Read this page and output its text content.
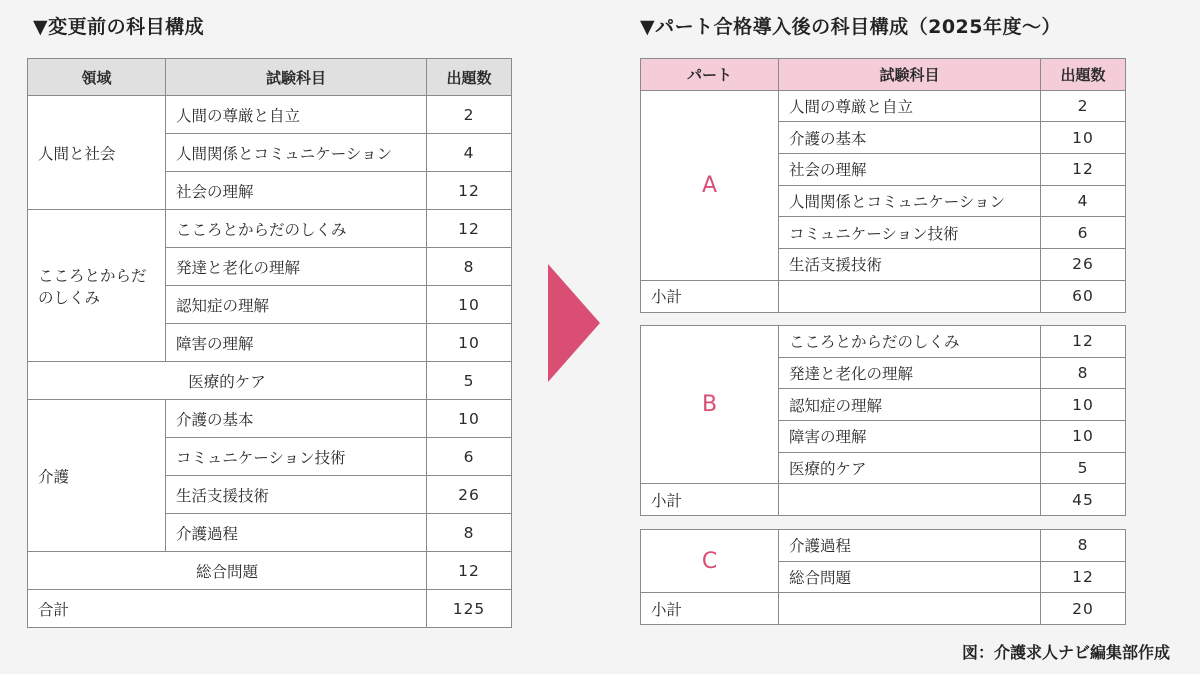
▼変更前の科目構成	▼パート合格導入後の科目構成（2025年度～）
領域	試験科目	出題数
人間と社会	人間の尊厳と自立	2
	人間関係とコミュニケーション	4
	社会の理解	12

こころとからだ
のしくみ	こころとからだのしくみ	12
	発達と老化の理解	8
	認知症の理解	10
	障害の理解	10
医療的ケア		5
介護	介護の基本	10
	コミュニケーション技術	6
	生活支援技術	26
	介護過程	8
総合問題		12
合計		125
パート	試験科目	出題数
A	人間の尊厳と自立	2
	介護の基本	10
	社会の理解	12
	人間関係とコミュニケーション	4
	コミュニケーション技術	6
	生活支援技術	26
小計		60
B	こころとからだのしくみ	12
	発達と老化の理解	8
	認知症の理解	10
	障害の理解	10
	医療的ケア	5
小計		45
C	介護過程	8
	総合問題	12
小計		20
図：介護求人ナビ編集部作成
